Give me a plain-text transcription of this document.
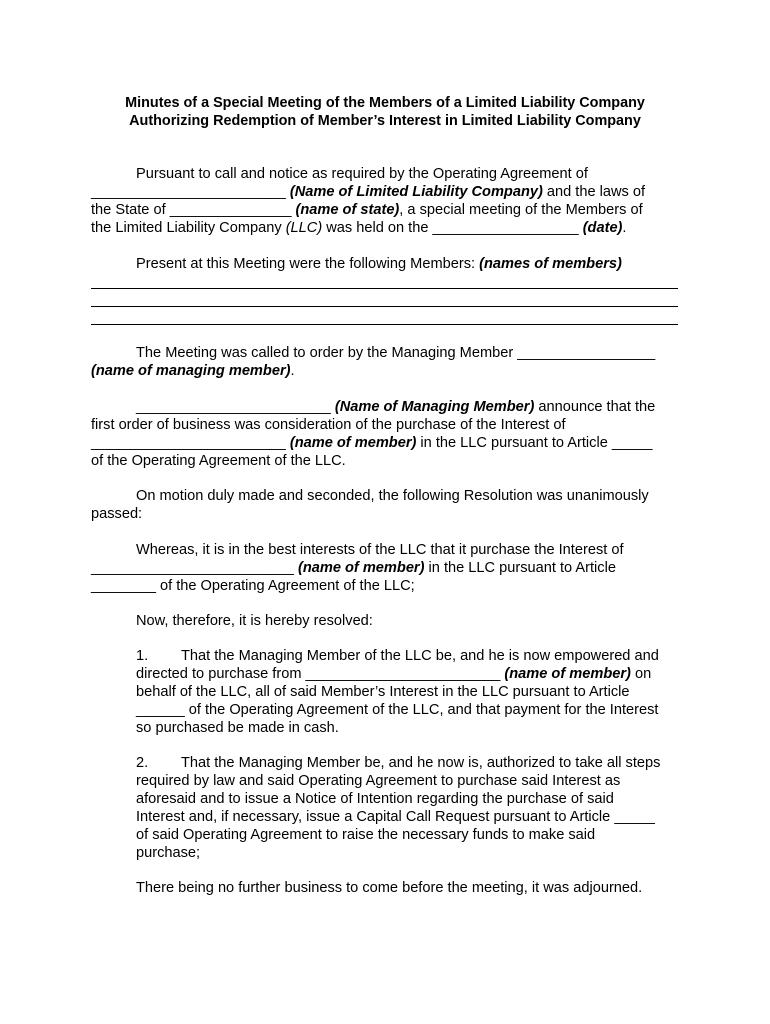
Minutes of a Special Meeting of the Members of a Limited Liability Company
Authorizing Redemption of Member’s Interest in Limited Liability Company
Pursuant to call and notice as required by the Operating Agreement of
________________________ (Name of Limited Liability Company) and the laws of
the State of _______________ (name of state), a special meeting of the Members of
the Limited Liability Company (LLC) was held on the __________________ (date).
Present at this Meeting were the following Members: (names of members)
The Meeting was called to order by the Managing Member _________________
(name of managing member).
________________________ (Name of Managing Member) announce that the
first order of business was consideration of the purchase of the Interest of
________________________ (name of member) in the LLC pursuant to Article _____
of the Operating Agreement of the LLC.
On motion duly made and seconded, the following Resolution was unanimously
passed:
Whereas, it is in the best interests of the LLC that it purchase the Interest of
_________________________ (name of member) in the LLC pursuant to Article
________ of the Operating Agreement of the LLC;
Now, therefore, it is hereby resolved:
1. That the Managing Member of the LLC be, and he is now empowered and
directed to purchase from ________________________ (name of member) on
behalf of the LLC, all of said Member’s Interest in the LLC pursuant to Article
______ of the Operating Agreement of the LLC, and that payment for the Interest
so purchased be made in cash.
2. That the Managing Member be, and he now is, authorized to take all steps
required by law and said Operating Agreement to purchase said Interest as
aforesaid and to issue a Notice of Intention regarding the purchase of said
Interest and, if necessary, issue a Capital Call Request pursuant to Article _____
of said Operating Agreement to raise the necessary funds to make said
purchase;
There being no further business to come before the meeting, it was adjourned.
